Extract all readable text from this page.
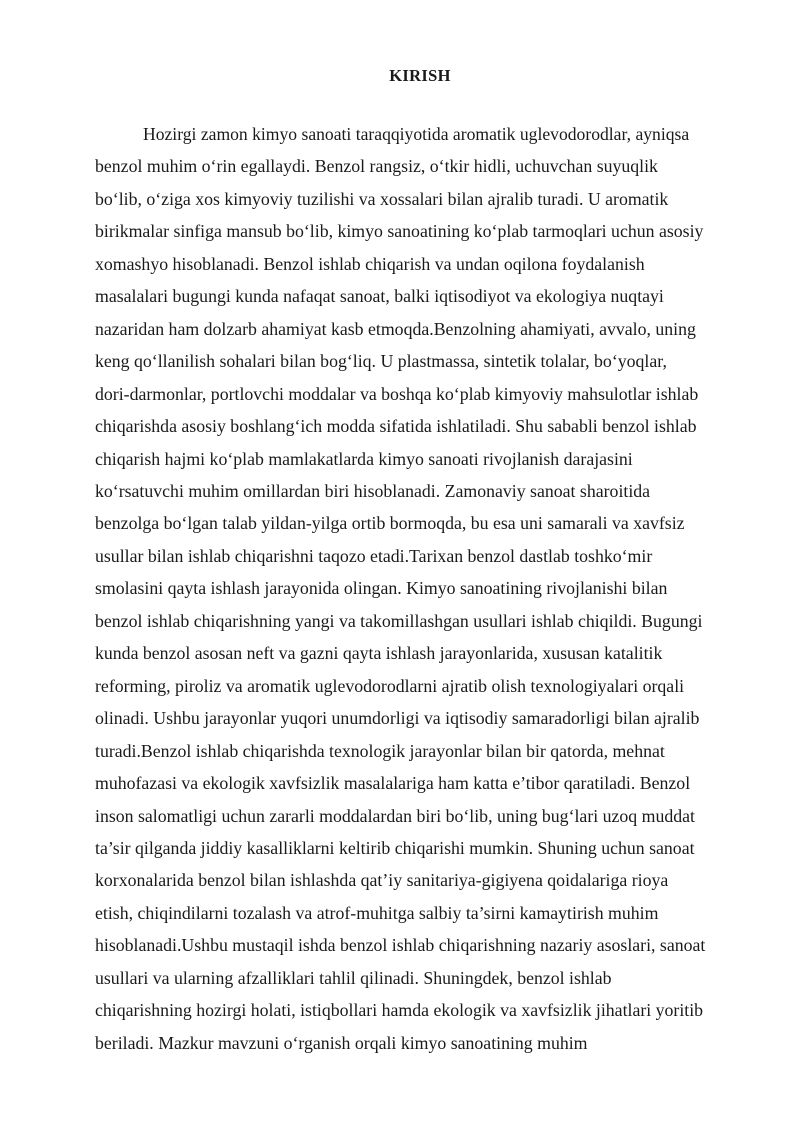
KIRISH

Hozirgi zamon kimyo sanoati taraqqiyotida aromatik uglevodorodlar, ayniqsa
benzol muhim oʻrin egallaydi. Benzol rangsiz, oʻtkir hidli, uchuvchan suyuqlik
boʻlib, oʻziga xos kimyoviy tuzilishi va xossalari bilan ajralib turadi. U aromatik
birikmalar sinfiga mansub boʻlib, kimyo sanoatining koʻplab tarmoqlari uchun asosiy
xomashyo hisoblanadi. Benzol ishlab chiqarish va undan oqilona foydalanish
masalalari bugungi kunda nafaqat sanoat, balki iqtisodiyot va ekologiya nuqtayi
nazaridan ham dolzarb ahamiyat kasb etmoqda.Benzolning ahamiyati, avvalo, uning
keng qoʻllanilish sohalari bilan bogʻliq. U plastmassa, sintetik tolalar, boʻyoqlar,
dori-darmonlar, portlovchi moddalar va boshqa koʻplab kimyoviy mahsulotlar ishlab
chiqarishda asosiy boshlangʻich modda sifatida ishlatiladi. Shu sababli benzol ishlab
chiqarish hajmi koʻplab mamlakatlarda kimyo sanoati rivojlanish darajasini
koʻrsatuvchi muhim omillardan biri hisoblanadi. Zamonaviy sanoat sharoitida
benzolga boʻlgan talab yildan-yilga ortib bormoqda, bu esa uni samarali va xavfsiz
usullar bilan ishlab chiqarishni taqozo etadi.Tarixan benzol dastlab toshkoʻmir
smolasini qayta ishlash jarayonida olingan. Kimyo sanoatining rivojlanishi bilan
benzol ishlab chiqarishning yangi va takomillashgan usullari ishlab chiqildi. Bugungi
kunda benzol asosan neft va gazni qayta ishlash jarayonlarida, xususan katalitik
reforming, piroliz va aromatik uglevodorodlarni ajratib olish texnologiyalari orqali
olinadi. Ushbu jarayonlar yuqori unumdorligi va iqtisodiy samaradorligi bilan ajralib
turadi.Benzol ishlab chiqarishda texnologik jarayonlar bilan bir qatorda, mehnat
muhofazasi va ekologik xavfsizlik masalalariga ham katta e’tibor qaratiladi. Benzol
inson salomatligi uchun zararli moddalardan biri boʻlib, uning bugʻlari uzoq muddat
ta’sir qilganda jiddiy kasalliklarni keltirib chiqarishi mumkin. Shuning uchun sanoat
korxonalarida benzol bilan ishlashda qat’iy sanitariya-gigiyena qoidalariga rioya
etish, chiqindilarni tozalash va atrof-muhitga salbiy ta’sirni kamaytirish muhim
hisoblanadi.Ushbu mustaqil ishda benzol ishlab chiqarishning nazariy asoslari, sanoat
usullari va ularning afzalliklari tahlil qilinadi. Shuningdek, benzol ishlab
chiqarishning hozirgi holati, istiqbollari hamda ekologik va xavfsizlik jihatlari yoritib
beriladi. Mazkur mavzuni oʻrganish orqali kimyo sanoatining muhim
